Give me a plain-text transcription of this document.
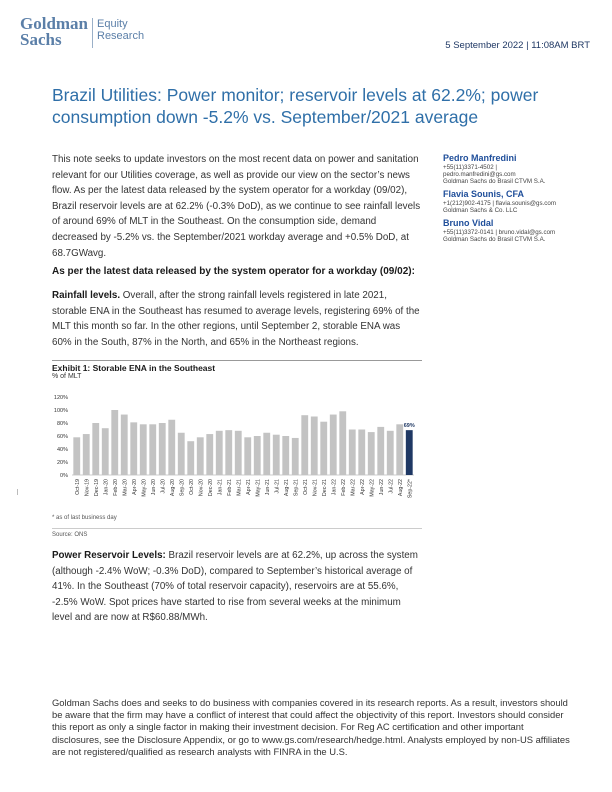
Goldman
Sachs
Equity
Research
5 September 2022 | 11:08AM BRT
Brazil Utilities: Power monitor; reservoir levels at 62.2%; power consumption down -5.2% vs. September/2021 average
This note seeks to update investors on the most recent data on power and sanitation relevant for our Utilities coverage, as well as provide our view on the sector’s news flow. As per the latest data released by the system operator for a workday (09/02), Brazil reservoir levels are at 62.2% (-0.3% DoD), as we continue to see rainfall levels of around 69% of MLT in the Southeast. On the consumption side, demand decreased by -5.2% vs. the September/2021 workday average and +0.5% DoD, at 68.7GWavg.
Pedro Manfredini
+55(11)3371-4502 |
pedro.manfredini@gs.com
Goldman Sachs do Brasil CTVM S.A.
Flavia Sounis, CFA
+1(212)902-4175 | flavia.sounis@gs.com
Goldman Sachs & Co. LLC
Bruno Vidal
+55(11)3372-0141 | bruno.vidal@gs.com
Goldman Sachs do Brasil CTVM S.A.
As per the latest data released by the system operator for a workday (09/02):
Rainfall levels. Overall, after the strong rainfall levels registered in late 2021, storable ENA in the Southeast has resumed to average levels, registering 69% of the MLT this month so far. In the other regions, until September 2, storable ENA was 60% in the South, 87% in the North, and 65% in the Northeast regions.
Exhibit 1: Storable ENA in the Southeast
% of MLT
0%
20%
40%
60%
80%
100%
120%
Oct-19 Nov-19 Dec-19 Jan-20 Feb-20 Mar-20 Apr-20 May-20 Jun-20 Jul-20 Aug-20 Sep-20 Oct-20 Nov-20 Dec-20 Jan-21 Feb-21 Mar-21 Apr-21 May-21 Jun-21 Jul-21 Aug-21 Sep-21 Oct-21 Nov-21 Dec-21 Jan-22 Feb-22 Mar-22 Apr-22 May-22 Jun-22 Jul-22 Aug-22 Sep-22*
69%
* as of last business day
Source: ONS
Power Reservoir Levels: Brazil reservoir levels are at 62.2%, up across the system (although -2.4% WoW; -0.3% DoD), compared to September’s historical average of 41%. In the Southeast (70% of total reservoir capacity), reservoirs are at 55.6%, -2.5% WoW. Spot prices have started to rise from several weeks at the minimum level and are now at R$60.88/MWh.
Goldman Sachs does and seeks to do business with companies covered in its research reports. As a result, investors should be aware that the firm may have a conflict of interest that could affect the objectivity of this report. Investors should consider this report as only a single factor in making their investment decision. For Reg AC certification and other important disclosures, see the Disclosure Appendix, or go to www.gs.com/research/hedge.html. Analysts employed by non-US affiliates are not registered/qualified as research analysts with FINRA in the U.S.
